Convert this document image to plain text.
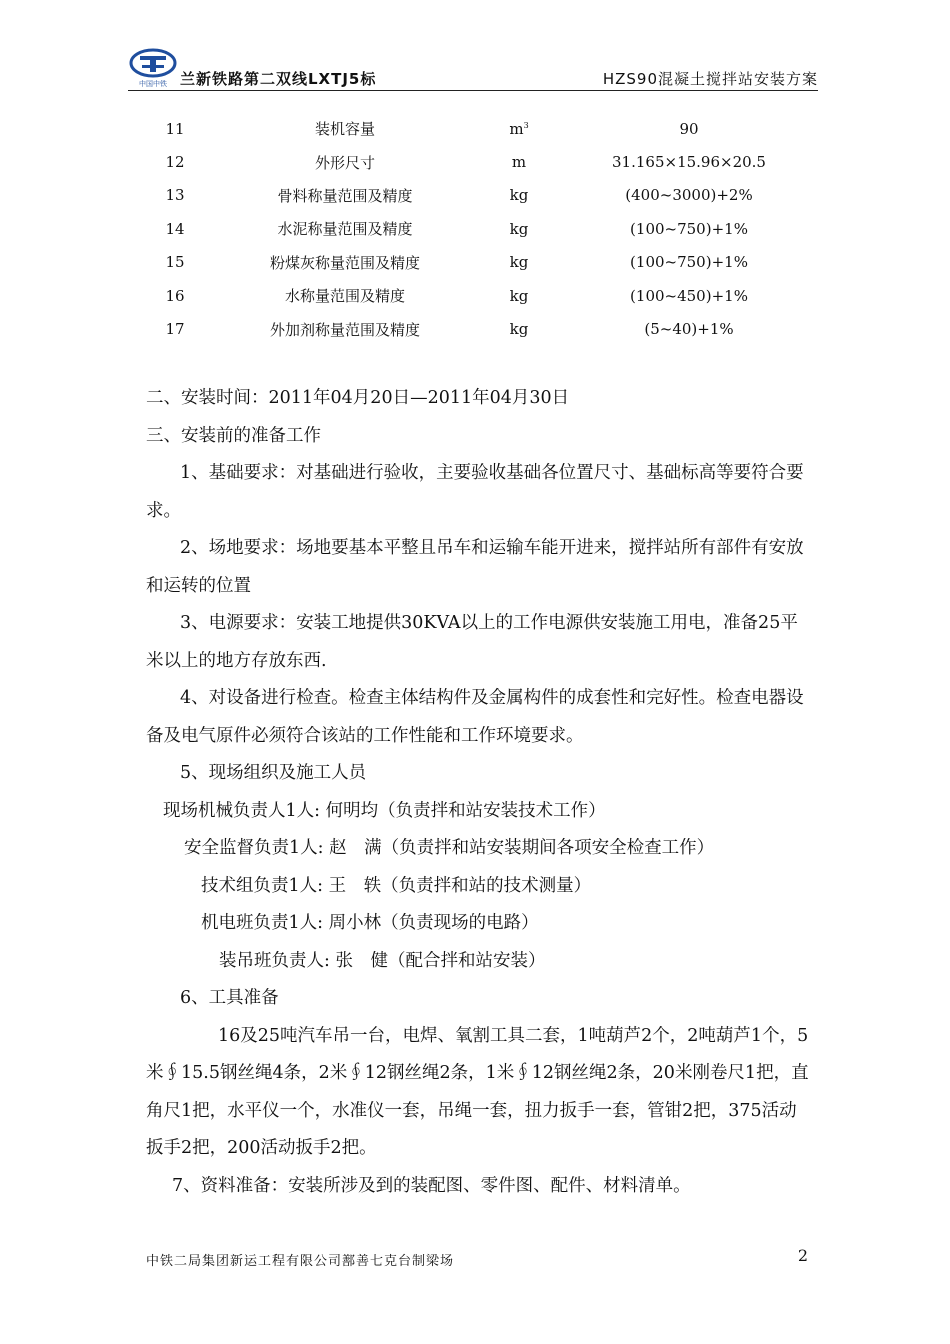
中国中铁 兰新铁路第二双线LXTJ5标	HZS90混凝土搅拌站安装方案
11	装机容量	$m^3$	90
12	外形尺寸	m	31.165×15.96×20.5
13	骨料称量范围及精度	kg	(400~3000)+2%
14	水泥称量范围及精度	kg	(100~750)+1%
15	粉煤灰称量范围及精度	kg	(100~750)+1%
16	水称量范围及精度	kg	(100~450)+1%
17	外加剂称量范围及精度	kg	(5~40)+1%

二、安装时间：2011年04月20日—2011年04月30日

三、安装前的准备工作

1、基础要求：对基础进行验收，主要验收基础各位置尺寸、基础标高等要符合要求。

2、场地要求：场地要基本平整且吊车和运输车能开进来，搅拌站所有部件有安放和运转的位置

3、电源要求：安装工地提供30KVA以上的工作电源供安装施工用电，准备25平米以上的地方存放东西.

4、对设备进行检查。检查主体结构件及金属构件的成套性和完好性。检查电器设备及电气原件必须符合该站的工作性能和工作环境要求。

5、现场组织及施工人员

现场机械负责人1人: 何明均（负责拌和站安装技术工作）

安全监督负责1人: 赵　满（负责拌和站安装期间各项安全检查工作）

技术组负责1人: 王　轶（负责拌和站的技术测量）

机电班负责1人: 周小林（负责现场的电路）

装吊班负责人: 张　健（配合拌和站安装）

6、工具准备

16及25吨汽车吊一台，电焊、氧割工具二套，1吨葫芦2个，2吨葫芦1个，5米∮15.5钢丝绳4条，2米∮12钢丝绳2条，1米∮12钢丝绳2条，20米刚卷尺1把，直角尺1把，水平仪一个，水准仪一套，吊绳一套，扭力扳手一套，管钳2把，375活动扳手2把，200活动扳手2把。

7、资料准备：安装所涉及到的装配图、零件图、配件、材料清单。

中铁二局集团新运工程有限公司鄯善七克台制梁场	2
